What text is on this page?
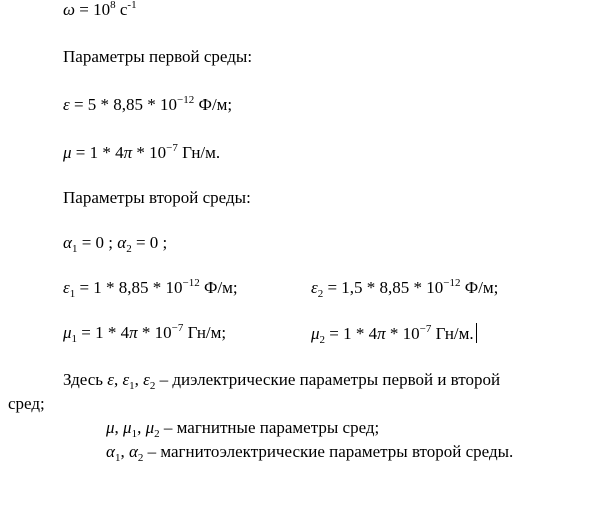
$\omega = 10^8$ $с^{-1}$
Параметры первой среды:
$\varepsilon = 5 * 8,85 * 10^{-12}$ Ф/м;
$\mu = 1 * 4\pi * 10^{-7}$ Гн/м.
Параметры второй среды:
$\alpha_1 = 0$ ; $\alpha_2 = 0$ ;
$\varepsilon_1 = 1 * 8,85 * 10^{-12}$ Ф/м;	$\varepsilon_2 = 1,5 * 8,85 * 10^{-12}$ Ф/м;
$\mu_1 = 1 * 4\pi * 10^{-7}$ Гн/м;	$\mu_2 = 1 * 4\pi * 10^{-7}$ Гн/м.
Здесь ε, $\varepsilon_1$, $\varepsilon_2$ – диэлектрические параметры первой и второй
сред;
μ, $\mu_1$, $\mu_2$ – магнитные параметры сред;
$\alpha_1$, $\alpha_2$ – магнитоэлектрические параметры второй среды.
